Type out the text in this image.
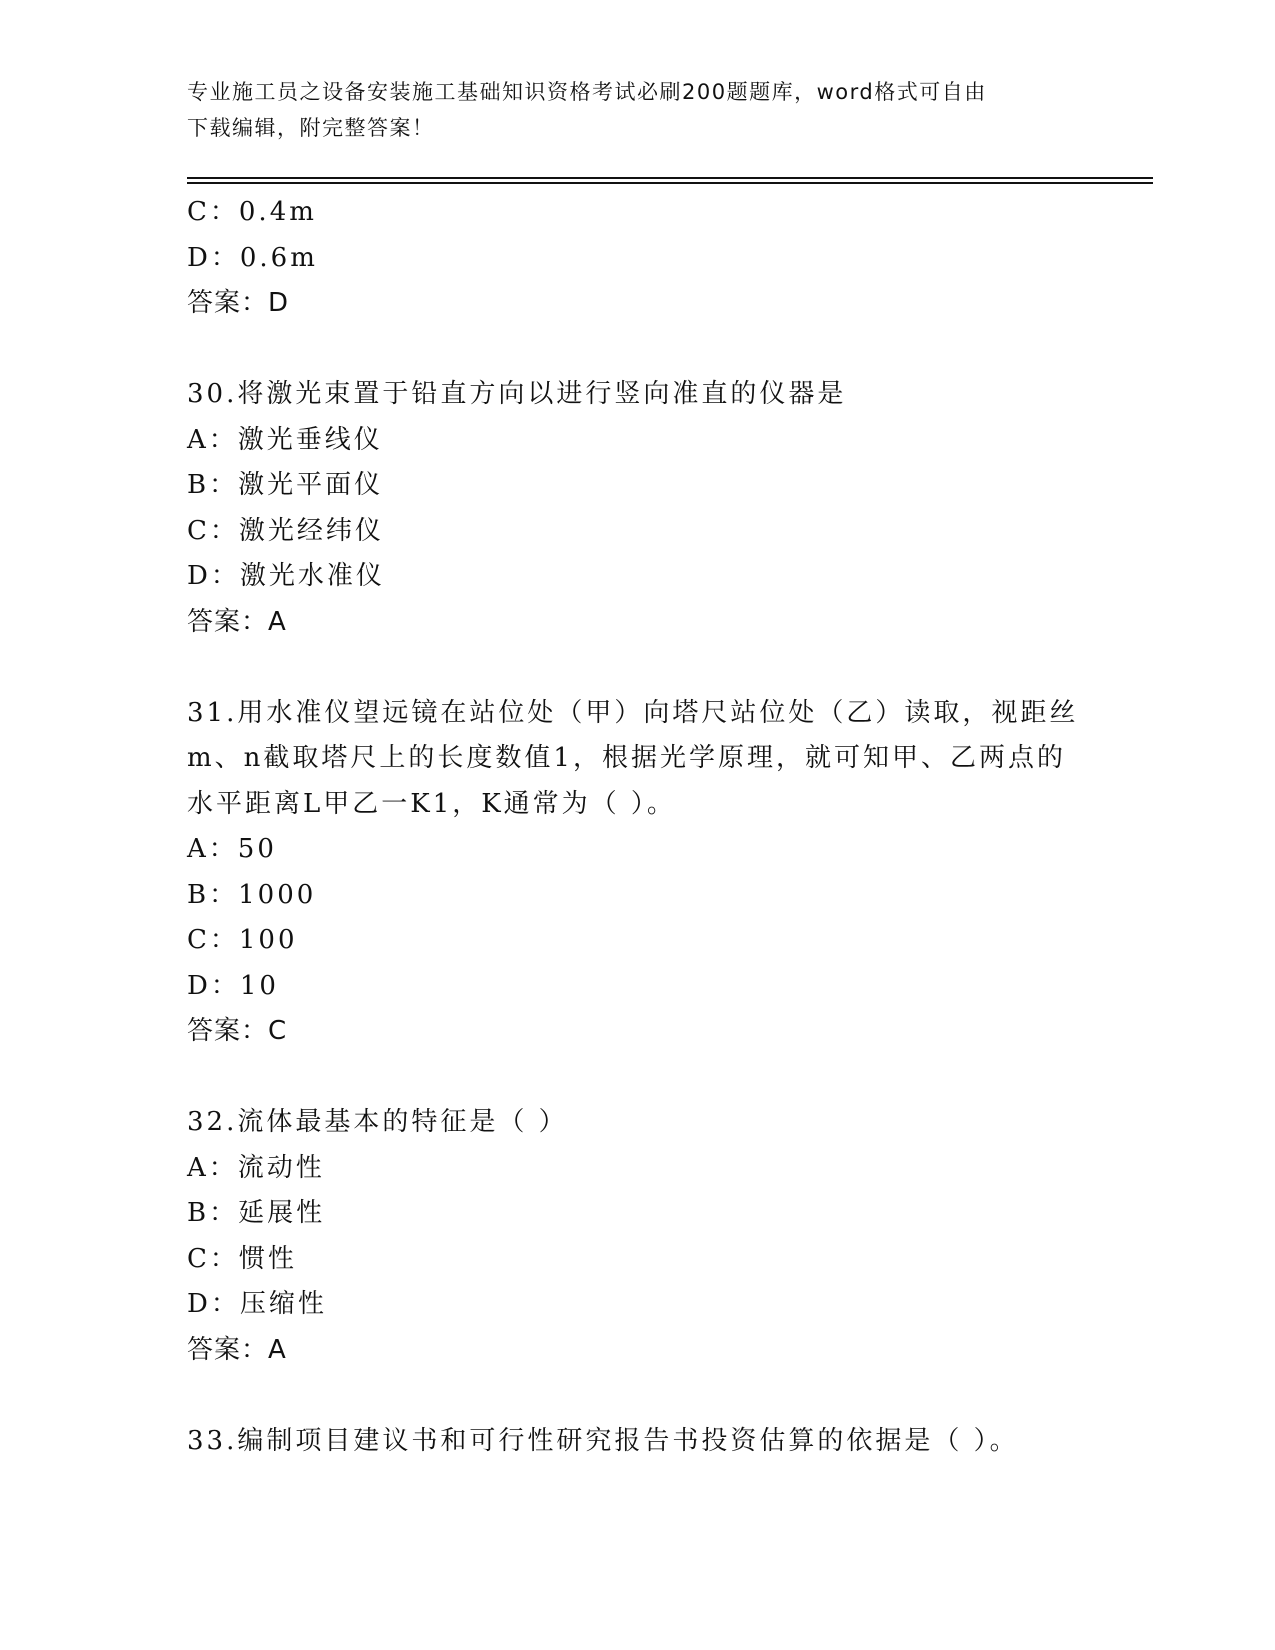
专业施工员之设备安装施工基础知识资格考试必刷200题题库，word格式可自由
下载编辑，附完整答案！
C：0.4m
D：0.6m
答案：D
30.将激光束置于铅直方向以进行竖向准直的仪器是
A：激光垂线仪
B：激光平面仪
C：激光经纬仪
D：激光水准仪
答案：A
31.用水准仪望远镜在站位处（甲）向塔尺站位处（乙）读取，视距丝
m、n截取塔尺上的长度数值1，根据光学原理，就可知甲、乙两点的
水平距离L甲乙一K1，K通常为（ ）。
A：50
B：1000
C：100
D：10
答案：C
32.流体最基本的特征是（ ）
A：流动性
B：延展性
C：惯性
D：压缩性
答案：A
33.编制项目建议书和可行性研究报告书投资估算的依据是（ ）。
